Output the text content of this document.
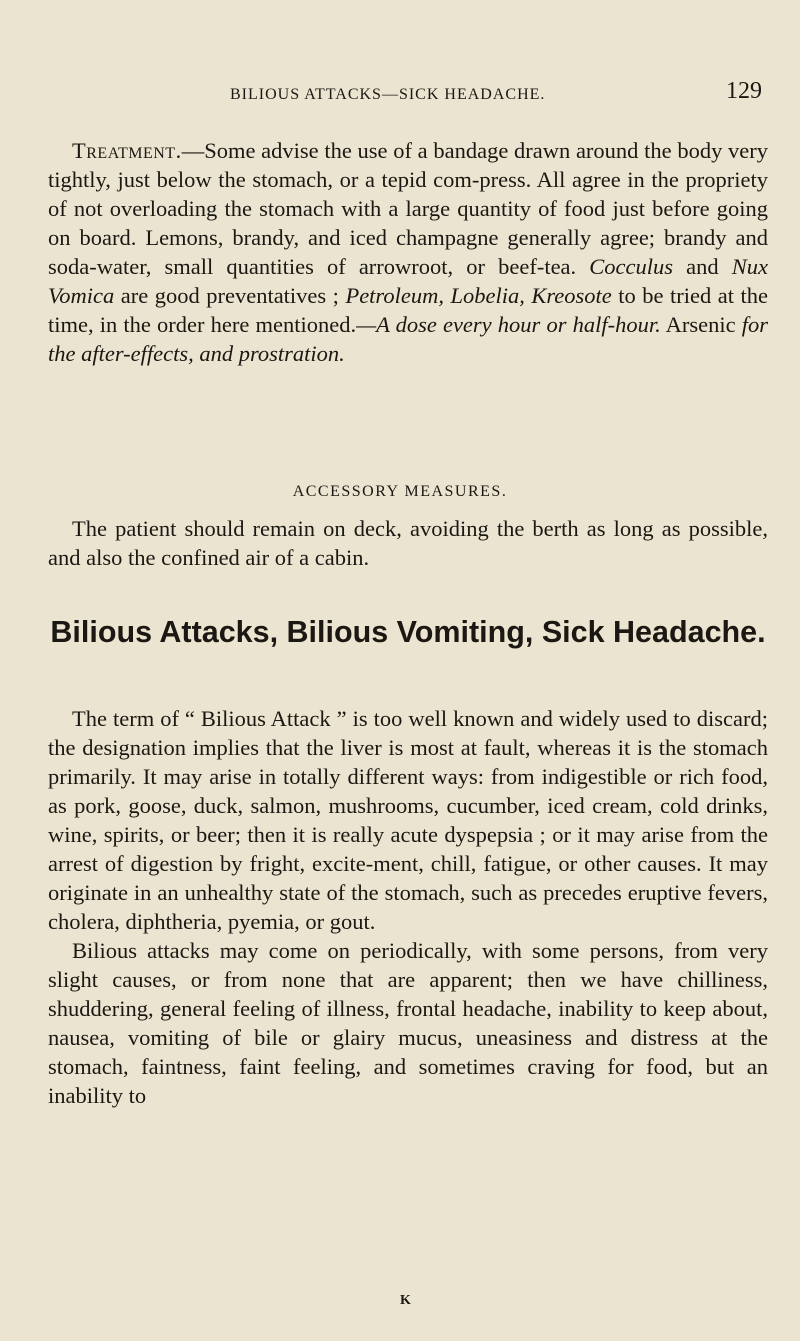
BILIOUS ATTACKS—SICK HEADACHE.	129

Treatment.—Some advise the use of a bandage drawn around the body very tightly, just below the stomach, or a tepid com-press. All agree in the propriety of not overloading the stomach with a large quantity of food just before going on board. Lemons, brandy, and iced champagne generally agree; brandy and soda-water, small quantities of arrowroot, or beef-tea. Cocculus and Nux Vomica are good preventatives ; Petroleum, Lobelia, Kreosote to be tried at the time, in the order here mentioned.—A dose every hour or half-hour. Arsenic for the after-effects, and prostration.

ACCESSORY MEASURES.

The patient should remain on deck, avoiding the berth as long as possible, and also the confined air of a cabin.

Bilious Attacks, Bilious Vomiting, Sick Headache.

The term of “ Bilious Attack ” is too well known and widely used to discard; the designation implies that the liver is most at fault, whereas it is the stomach primarily. It may arise in totally different ways: from indigestible or rich food, as pork, goose, duck, salmon, mushrooms, cucumber, iced cream, cold drinks, wine, spirits, or beer; then it is really acute dyspepsia ; or it may arise from the arrest of digestion by fright, excite-ment, chill, fatigue, or other causes. It may originate in an unhealthy state of the stomach, such as precedes eruptive fevers, cholera, diphtheria, pyemia, or gout.

Bilious attacks may come on periodically, with some persons, from very slight causes, or from none that are apparent; then we have chilliness, shuddering, general feeling of illness, frontal headache, inability to keep about, nausea, vomiting of bile or glairy mucus, uneasiness and distress at the stomach, faintness, faint feeling, and sometimes craving for food, but an inability to

K
